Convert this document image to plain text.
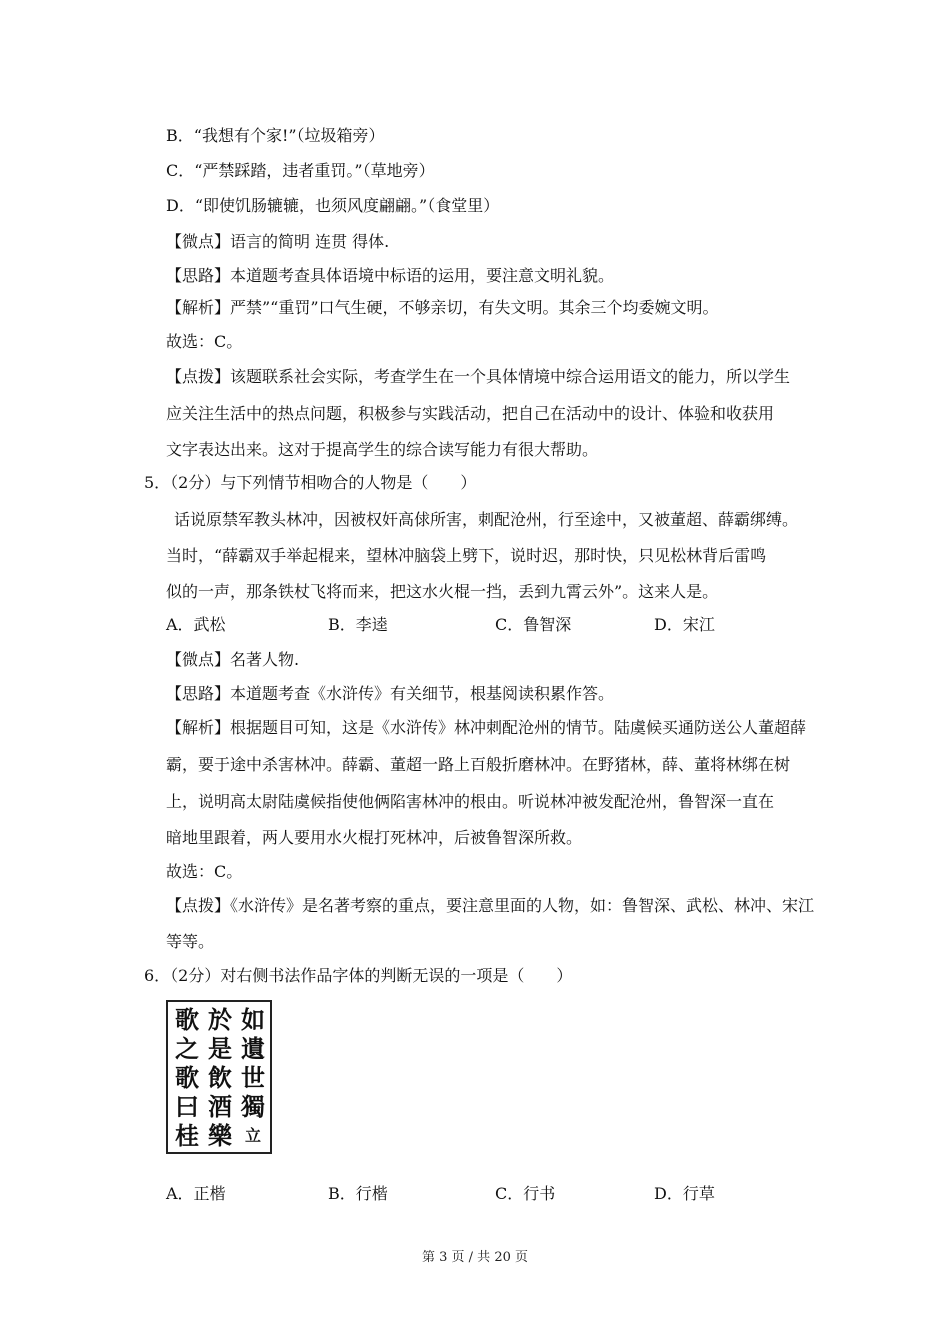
B．“我想有个家!”（垃圾箱旁）
C．“严禁踩踏，违者重罚。”（草地旁）
D．“即使饥肠辘辘，也须风度翩翩。”（食堂里）
【微点】语言的简明 连贯 得体.
【思路】本道题考查具体语境中标语的运用，要注意文明礼貌。
【解析】严禁”“重罚”口气生硬，不够亲切，有失文明。其余三个均委婉文明。
故选：C。
【点拨】该题联系社会实际，考查学生在一个具体情境中综合运用语文的能力，所以学生
应关注生活中的热点问题，积极参与实践活动，把自己在活动中的设计、体验和收获用
文字表达出来。这对于提高学生的综合读写能力有很大帮助。
5．（2分）与下列情节相吻合的人物是（　　）
话说原禁军教头林冲，因被权奸高俅所害，刺配沧州，行至途中，又被董超、薛霸绑缚。
当时，“薛霸双手举起棍来，望林冲脑袋上劈下，说时迟，那时快，只见松林背后雷鸣
似的一声，那条铁杖飞将而来，把这水火棍一挡，丢到九霄云外”。这来人是。
A．武松	B．李逵	C．鲁智深	D．宋江
【微点】名著人物.
【思路】本道题考查《水浒传》有关细节，根基阅读积累作答。
【解析】根据题目可知，这是《水浒传》林冲刺配沧州的情节。陆虞候买通防送公人董超薛
霸，要于途中杀害林冲。薛霸、董超一路上百般折磨林冲。在野猪林，薛、董将林绑在树
上，说明高太尉陆虞候指使他俩陷害林冲的根由。听说林冲被发配沧州，鲁智深一直在
暗地里跟着，两人要用水火棍打死林冲，后被鲁智深所救。
故选：C。
【点拨】《水浒传》是名著考察的重点，要注意里面的人物，如：鲁智深、武松、林冲、宋江
等等。
6．（2分）对右侧书法作品字体的判断无误的一项是（　　）
歌
之
歌
曰
桂
於
是
飲
酒
樂
如
遺
世
獨
立
A．正楷	B．行楷	C．行书	D．行草
第 3 页 / 共 20 页
